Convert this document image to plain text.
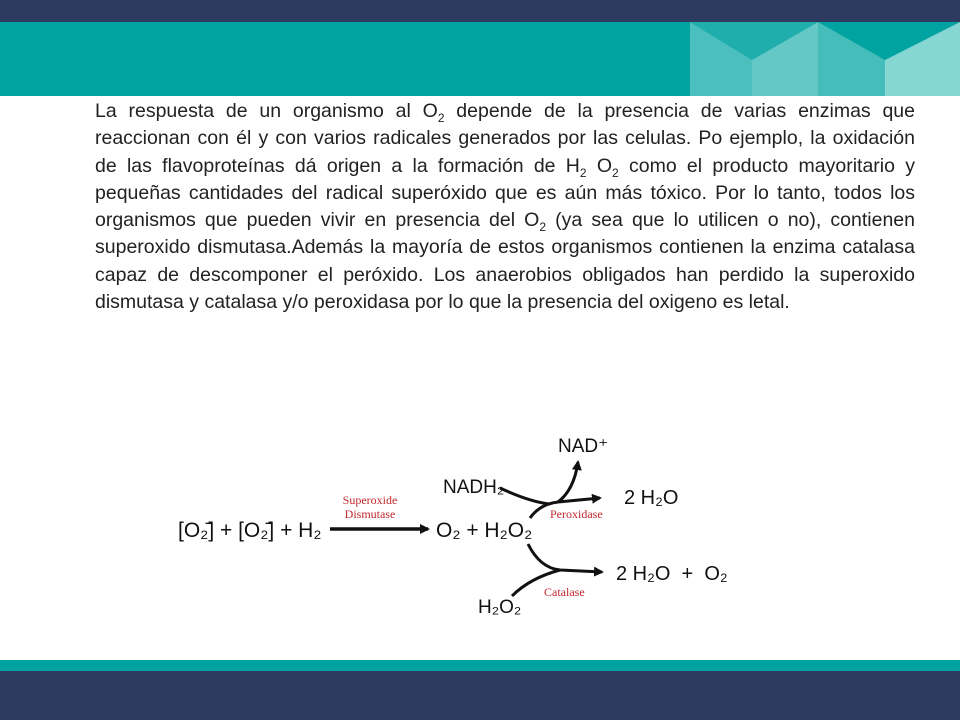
La respuesta de un organismo al $O_2$ depende de la presencia de varias enzimas que reaccionan con él y con varios radicales generados por las celulas. Po ejemplo, la oxidación de las flavoproteínas dá origen a la formación de $H_2$ $O_2$ como el producto mayoritario y pequeñas cantidades del radical superóxido que es aún más tóxico. Por lo tanto, todos los organismos que pueden vivir en presencia del $O_2$ (ya sea que lo utilicen o no), contienen superoxido dismutasa.Además la mayoría de estos organismos contienen la enzima catalasa capaz de descomponer el peróxido. Los anaerobios obligados han perdido la superoxido dismutasa y catalasa y/o peroxidasa por lo que la presencia del oxigeno es letal.

[O₂̄] + [O₂̄] + H₂
Superoxide
Dismutase
O₂ + H₂O₂
NAD⁺
NADH₂
Peroxidase
2 H₂O
Catalase
2 H₂O  +  O₂
H₂O₂
